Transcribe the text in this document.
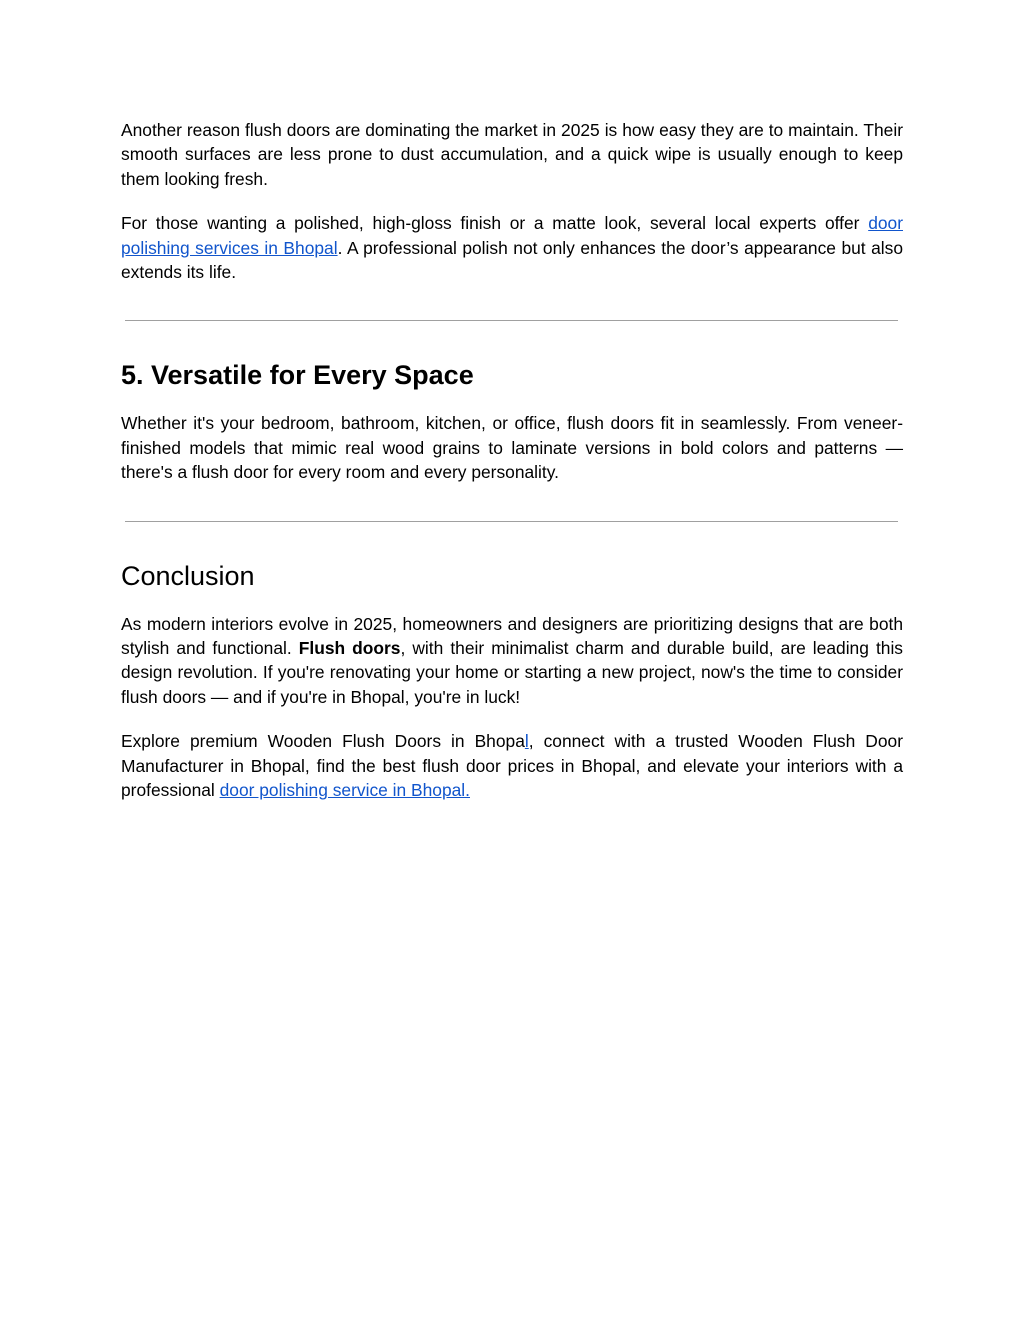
Another reason flush doors are dominating the market in 2025 is how easy they are to maintain. Their smooth surfaces are less prone to dust accumulation, and a quick wipe is usually enough to keep them looking fresh.

For those wanting a polished, high-gloss finish or a matte look, several local experts offer door polishing services in Bhopal. A professional polish not only enhances the door’s appearance but also extends its life.

5. Versatile for Every Space

Whether it's your bedroom, bathroom, kitchen, or office, flush doors fit in seamlessly. From veneer-finished models that mimic real wood grains to laminate versions in bold colors and patterns — there's a flush door for every room and every personality.

Conclusion

As modern interiors evolve in 2025, homeowners and designers are prioritizing designs that are both stylish and functional. Flush doors, with their minimalist charm and durable build, are leading this design revolution. If you're renovating your home or starting a new project, now's the time to consider flush doors — and if you're in Bhopal, you're in luck!

Explore premium Wooden Flush Doors in Bhopal, connect with a trusted Wooden Flush Door Manufacturer in Bhopal, find the best flush door prices in Bhopal, and elevate your interiors with a professional door polishing service in Bhopal.
